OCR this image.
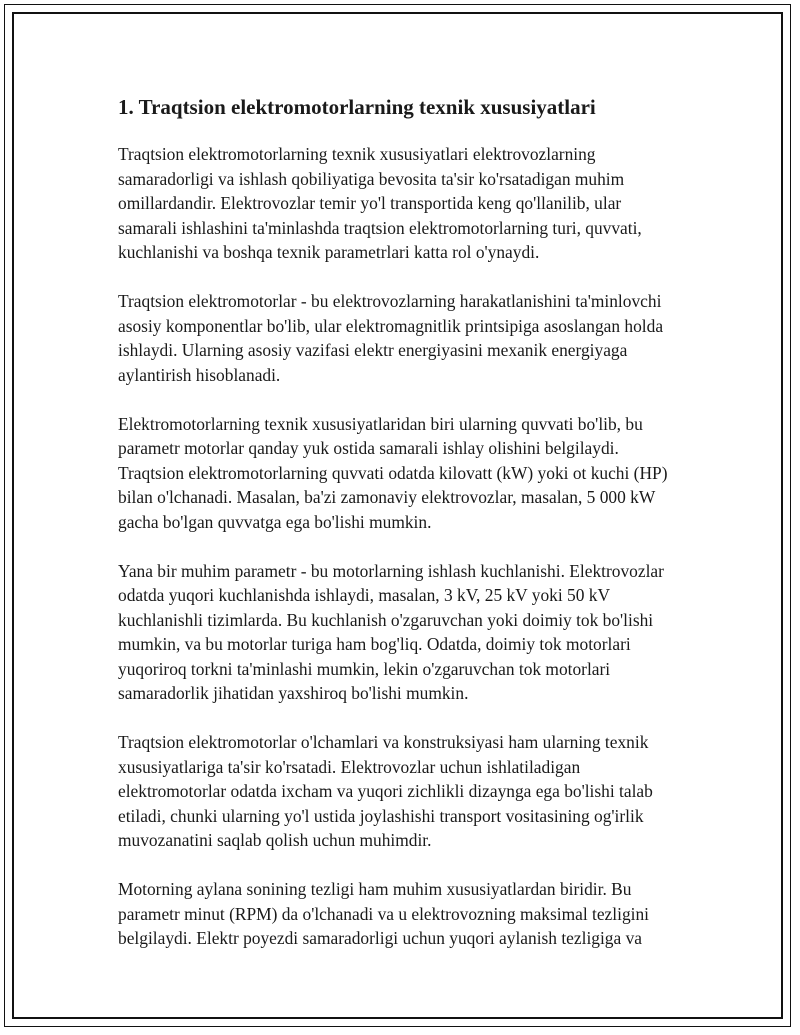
1. Traqtsion elektromotorlarning texnik xususiyatlari

Traqtsion elektromotorlarning texnik xususiyatlari elektrovozlarning samaradorligi va ishlash qobiliyatiga bevosita ta'sir ko'rsatadigan muhim omillardandir. Elektrovozlar temir yo'l transportida keng qo'llanilib, ular samarali ishlashini ta'minlashda traqtsion elektromotorlarning turi, quvvati, kuchlanishi va boshqa texnik parametrlari katta rol o'ynaydi.

Traqtsion elektromotorlar - bu elektrovozlarning harakatlanishini ta'minlovchi asosiy komponentlar bo'lib, ular elektromagnitlik printsipiga asoslangan holda ishlaydi. Ularning asosiy vazifasi elektr energiyasini mexanik energiyaga aylantirish hisoblanadi.

Elektromotorlarning texnik xususiyatlaridan biri ularning quvvati bo'lib, bu parametr motorlar qanday yuk ostida samarali ishlay olishini belgilaydi. Traqtsion elektromotorlarning quvvati odatda kilovatt (kW) yoki ot kuchi (HP) bilan o'lchanadi. Masalan, ba'zi zamonaviy elektrovozlar, masalan, 5 000 kW gacha bo'lgan quvvatga ega bo'lishi mumkin.

Yana bir muhim parametr - bu motorlarning ishlash kuchlanishi. Elektrovozlar odatda yuqori kuchlanishda ishlaydi, masalan, 3 kV, 25 kV yoki 50 kV kuchlanishli tizimlarda. Bu kuchlanish o'zgaruvchan yoki doimiy tok bo'lishi mumkin, va bu motorlar turiga ham bog'liq. Odatda, doimiy tok motorlari yuqoriroq torkni ta'minlashi mumkin, lekin o'zgaruvchan tok motorlari samaradorlik jihatidan yaxshiroq bo'lishi mumkin.

Traqtsion elektromotorlar o'lchamlari va konstruksiyasi ham ularning texnik xususiyatlariga ta'sir ko'rsatadi. Elektrovozlar uchun ishlatiladigan elektromotorlar odatda ixcham va yuqori zichlikli dizaynga ega bo'lishi talab etiladi, chunki ularning yo'l ustida joylashishi transport vositasining og'irlik muvozanatini saqlab qolish uchun muhimdir.

Motorning aylana sonining tezligi ham muhim xususiyatlardan biridir. Bu parametr minut (RPM) da o'lchanadi va u elektrovozning maksimal tezligini belgilaydi. Elektr poyezdi samaradorligi uchun yuqori aylanish tezligiga va
